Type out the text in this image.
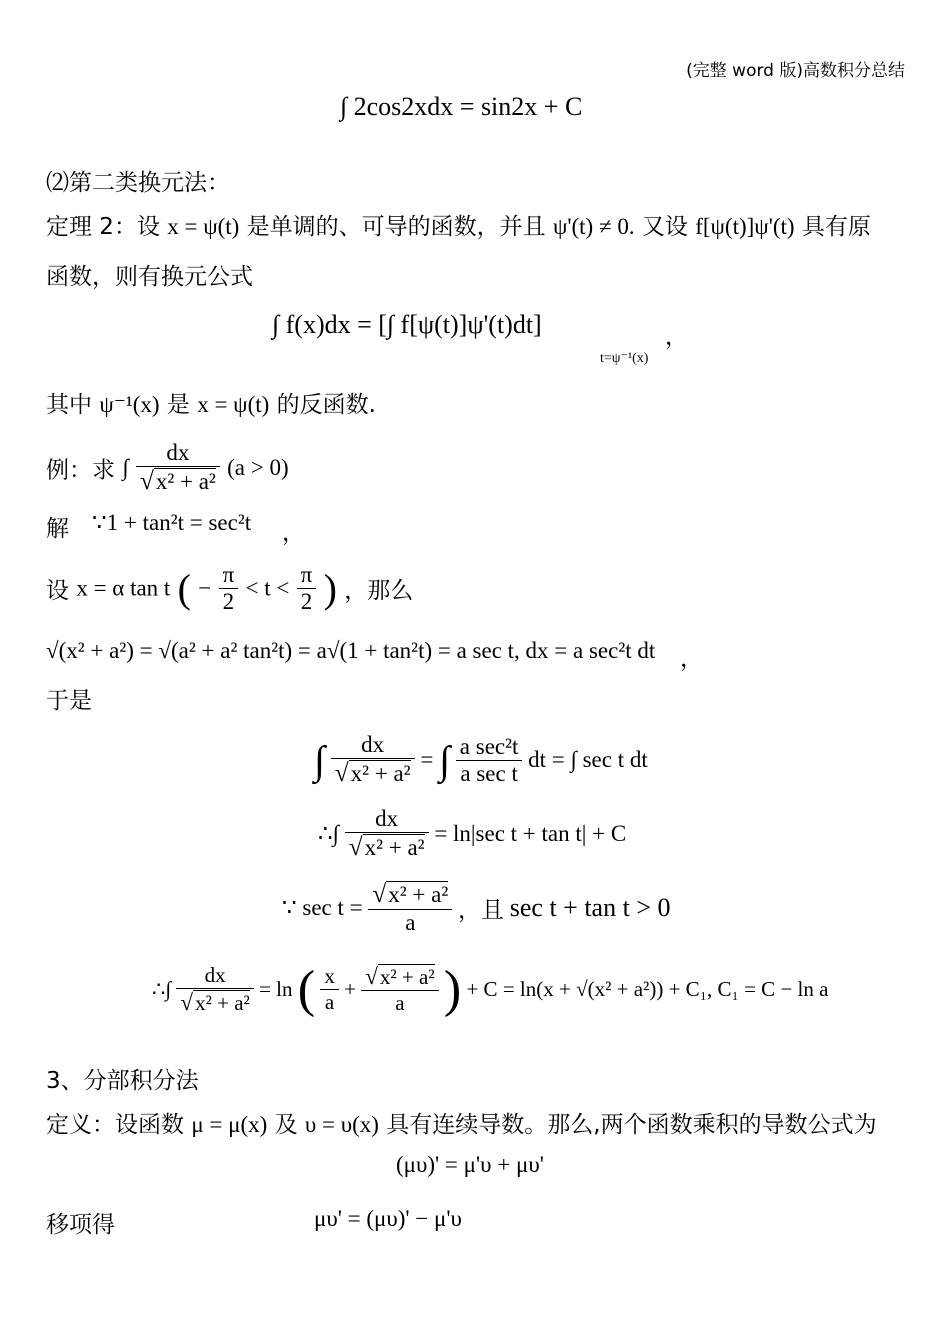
(完整 word 版)高数积分总结
∫ 2cos2xdx = sin2x + C
⑵第二类换元法：
定理 2：设 x = ψ(t) 是单调的、可导的函数，并且 ψ'(t) ≠ 0. 又设 f[ψ(t)]ψ'(t) 具有原
函数，则有换元公式
∫ f(x)dx = [∫ f[ψ(t)]ψ'(t)dt]
t=ψ⁻¹(x)
，
其中 ψ⁻¹(x) 是 x = ψ(t) 的反函数.
例：求 ∫ $\frac{dx}{\text{√x² + a²}} (a > 0)$
解 ∵1 + tan²t = sec²t ，
设 x = α tan t ( − $\frac{\pi}{2} < t < \frac{\pi}{2}$ ) ，那么
√(x² + a²) = √(a² + a² tan²t) = a√(1 + tan²t) = a sec t, dx = a sec²t dt ，
于是
∫ $\frac{dx}{\text{√x² + a²}}$ = ∫ $\frac{\text{a sec²t}}{\text{a sec t}}$ dt = ∫ sec t dt
∴∫ $\frac{dx}{\text{√x² + a²}} = \ln|\sec$ t + tan t| + C
∵ $\sec t = \frac{\text{√x² + a²}}{a}$ ，且 sec t + tan t > 0
∴∫ $\frac{dx}{\text{√x² + a²}} = \ln$ ( $\frac{x}{a} + \frac{\text{√x² + a²}}{a}$ ) + C = ln(x + √(x² + a²)) + C₁, C₁ = C − ln a
3、分部积分法
定义：设函数 μ = μ(x) 及 υ = υ(x) 具有连续导数。那么,两个函数乘积的导数公式为
(μυ)' = μ'υ + μυ'
移项得	μυ' = (μυ)' − μ'υ
